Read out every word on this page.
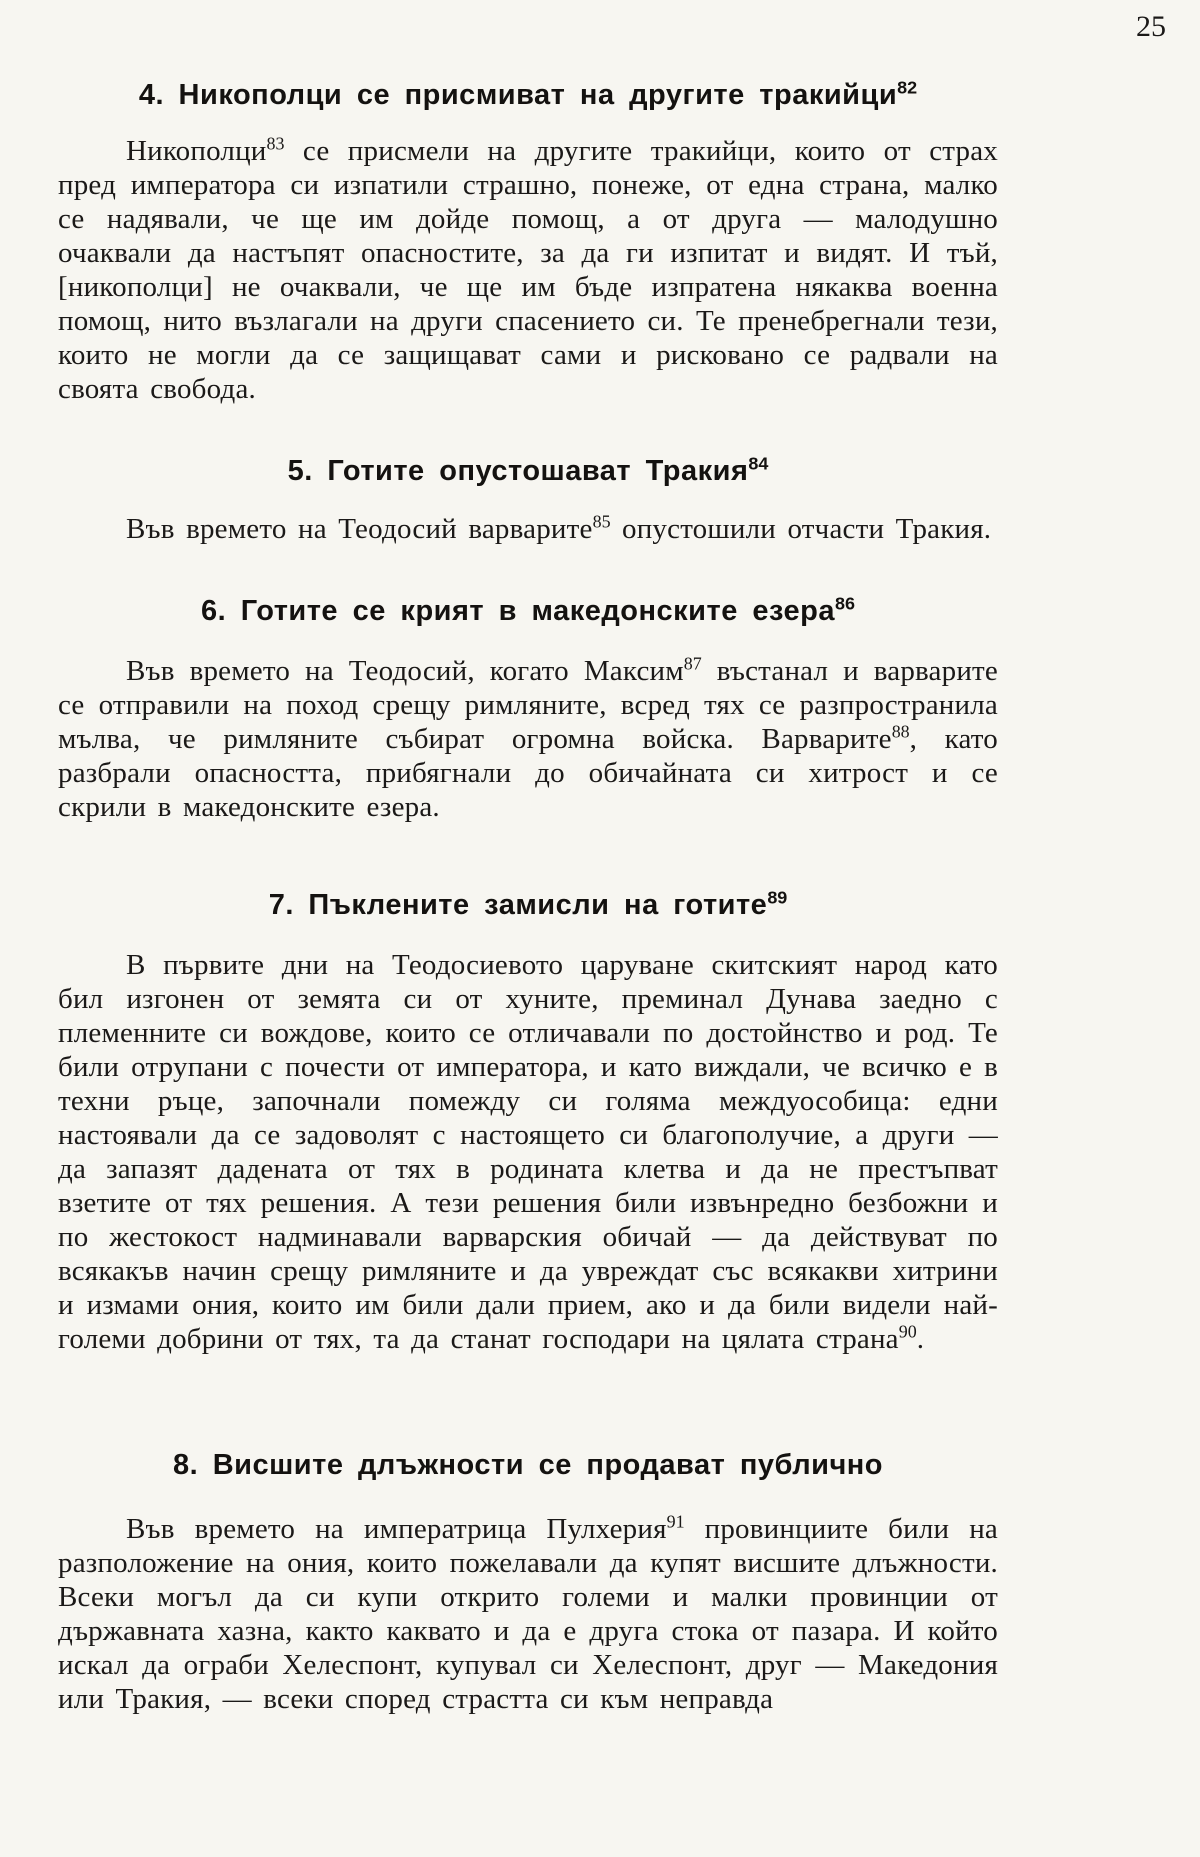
25
4. Никополци се присмиват на другите тракийци$^{82}$

Никополци$^{83}$ се присмели на другите тракийци, които от страх пред императора си изпатили страшно, понеже, от една страна, малко се надявали, че ще им дойде помощ, а от друга — малодушно очаквали да настъпят опасностите, за да ги изпитат и видят. И тъй, [никополци] не очаквали, че ще им бъде изпратена някаква военна помощ, нито възлагали на други спасението си. Те пренебрегнали тези, които не могли да се защищават сами и рисковано се радвали на своята свобода.

5. Готите опустошават Тракия$^{84}$

Във времето на Теодосий варварите$^{85}$ опустошили отчасти Тракия.

6. Готите се крият в македонските езера$^{86}$

Във времето на Теодосий, когато Максим$^{87}$ въстанал и варварите се отправили на поход срещу римляните, всред тях се разпространила мълва, че римляните събират огромна войска. Варварите$^{88}$, като разбрали опасността, прибягнали до обичайната си хитрост и се скрили в македонските езера.

7. Пъклените замисли на готите$^{89}$

В първите дни на Теодосиевото царуване скитският народ като бил изгонен от земята си от хуните, преминал Дунава заедно с племенните си вождове, които се отличавали по достойнство и род. Те били отрупани с почести от императора, и като виждали, че всичко е в техни ръце, започнали помежду си голяма междуособица: едни настоявали да се задоволят с настоящето си благополучие, а други — да запазят дадената от тях в родината клетва и да не престъпват взетите от тях решения. А тези решения били извънредно безбожни и по жестокост надминавали варварския обичай — да действуват по всякакъв начин срещу римляните и да увреждат със всякакви хитрини и измами ония, които им били дали прием, ако и да били видели най-големи добрини от тях, та да станат господари на цялата страна$^{90}$.

8. Висшите длъжности се продават публично

Във времето на императрица Пулхерия$^{91}$ провинциите били на разположение на ония, които пожелавали да купят висшите длъжности. Всеки могъл да си купи открито големи и малки провинции от държавната хазна, както каквато и да е друга стока от пазара. И който искал да ограби Хелеспонт, купувал си Хелеспонт, друг — Македония или Тракия, — всеки според страстта си към неправда
